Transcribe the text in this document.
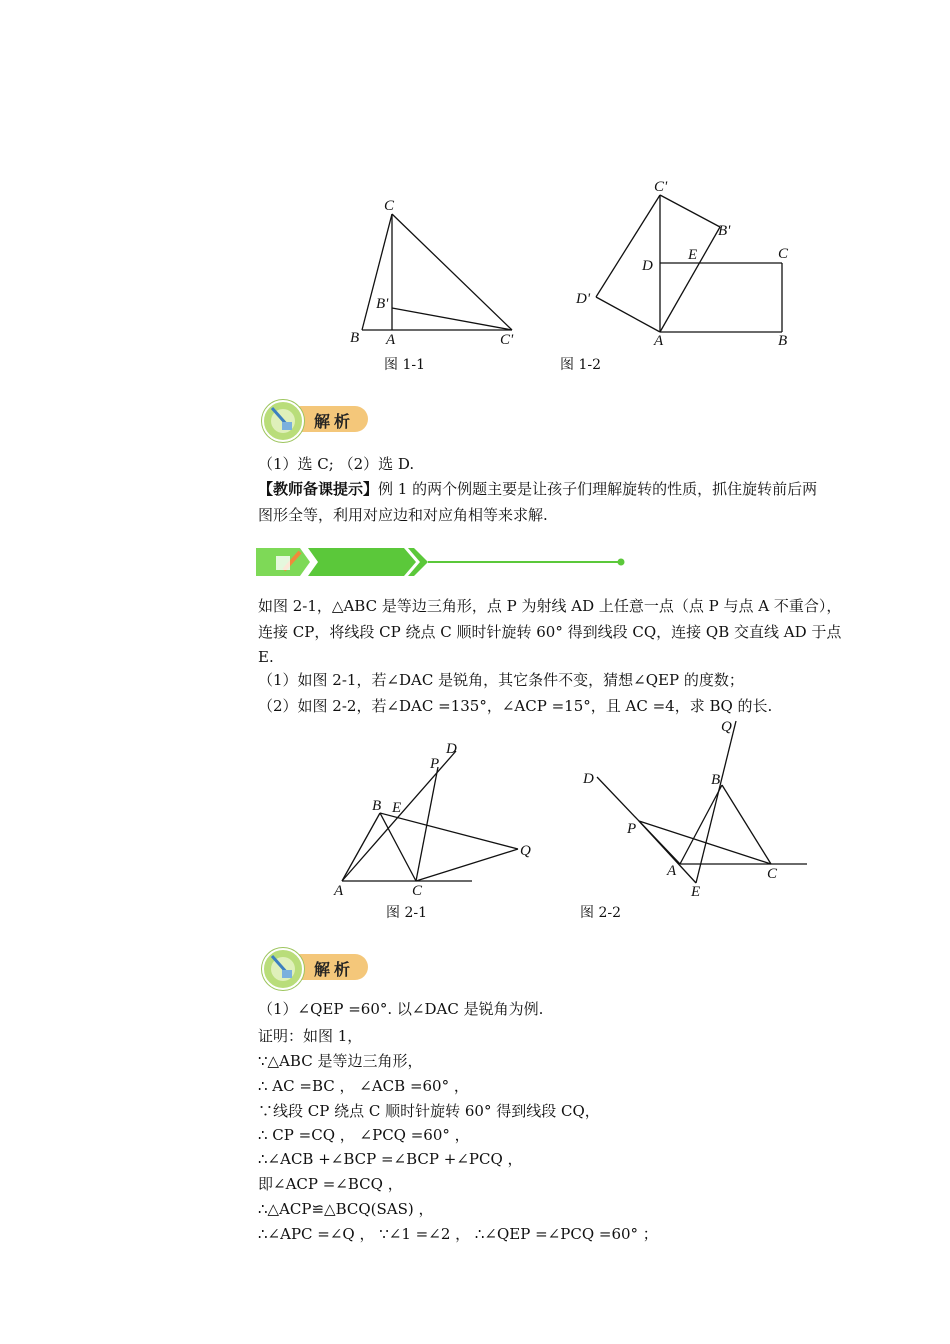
C
B'
B A	C'
图 1-1
C'
B'
D
E	C
D'
A	B
图 1-2
解析
（1）选 C; （2）选 D.
【教师备课提示】例 1 的两个例题主要是让孩子们理解旋转的性质，抓住旋转前后两
图形全等，利用对应边和对应角相等来求解.
如图 2-1，△ABC 是等边三角形，点 P 为射线 AD 上任意一点（点 P 与点 A 不重合），
连接 CP，将线段 CP 绕点 C 顺时针旋转 60° 得到线段 CQ，连接 QB 交直线 AD 于点
E.
（1）如图 2-1，若∠DAC 是锐角，其它条件不变，猜想∠QEP 的度数；
（2）如图 2-2，若∠DAC =135°，∠ACP =15°，且 AC =4，求 BQ 的长.
D
P
B E
Q
A	C
图 2-1
Q
D	B
P
A	C
E
图 2-2
解析
（1）∠QEP =60°. 以∠DAC 是锐角为例.
证明：如图 1，
∵△ABC 是等边三角形，
∴ AC =BC ， ∠ACB =60° ，
∵线段 CP 绕点 C 顺时针旋转 60° 得到线段 CQ，
∴ CP =CQ ， ∠PCQ =60° ，
∴∠ACB +∠BCP =∠BCP +∠PCQ ，
即∠ACP =∠BCQ ，
∴△ACP≌△BCQ(SAS) ，
∴∠APC =∠Q ， ∵∠1 =∠2 ， ∴∠QEP =∠PCQ =60° ；
